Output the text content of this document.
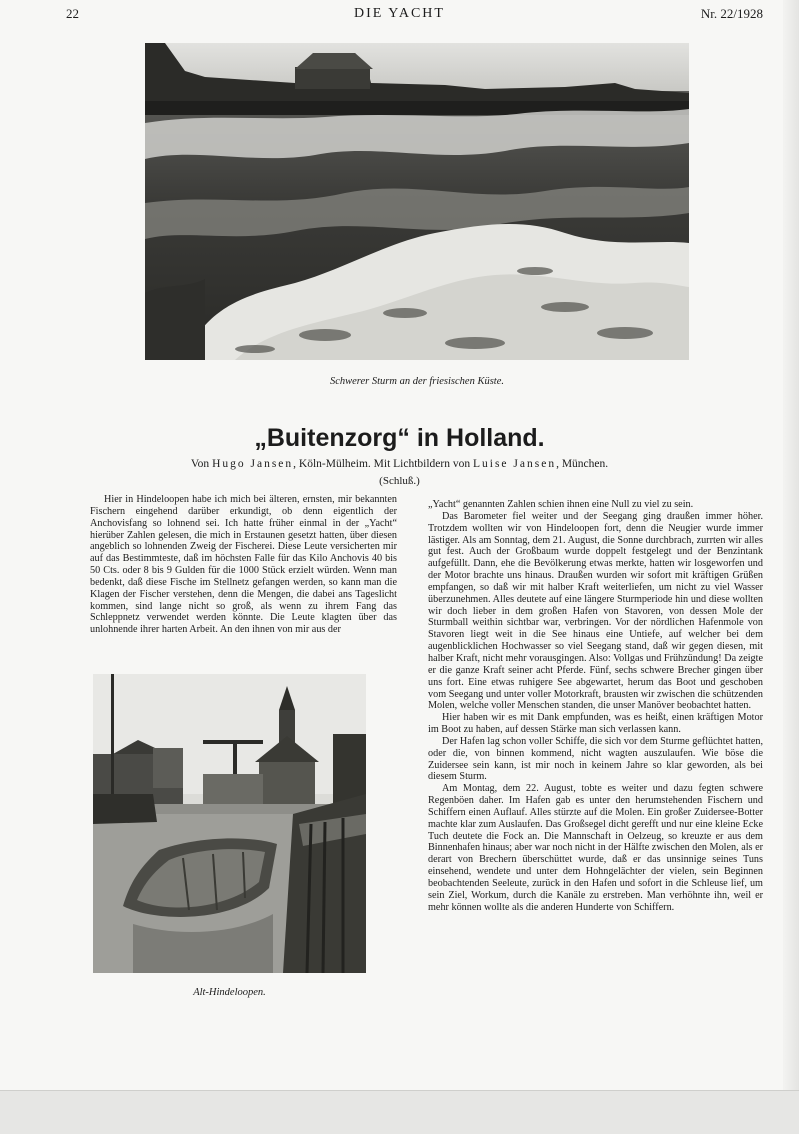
22	DIE YACHT	Nr. 22/1928
Schwerer Sturm an der friesischen Küste.
„Buitenzorg“ in Holland.
Von Hugo Jansen, Köln-Mülheim. Mit Lichtbildern von Luise Jansen, München.
(Schluß.)

Hier in Hindeloopen habe ich mich bei älteren, ernsten, mir bekannten Fischern eingehend darüber erkundigt, ob denn eigentlich der Anchovisfang so lohnend sei. Ich hatte früher einmal in der „Yacht“ hierüber Zahlen gelesen, die mich in Erstaunen gesetzt hatten, über diesen angeblich so lohnenden Zweig der Fischerei. Diese Leute versicherten mir auf das Bestimmteste, daß im höchsten Falle für das Kilo Anchovis 40 bis 50 Cts. oder 8 bis 9 Gulden für die 1000 Stück erzielt würden. Wenn man bedenkt, daß diese Fische im Stellnetz gefangen werden, so kann man die Klagen der Fischer verstehen, denn die Mengen, die dabei ans Tageslicht kommen, sind lange nicht so groß, als wenn zu ihrem Fang das Schleppnetz verwendet werden könnte. Die Leute klagten über das unlohnende ihrer harten Arbeit. An den ihnen von mir aus der

„Yacht“ genannten Zahlen schien ihnen eine Null zu viel zu sein.

Das Barometer fiel weiter und der Seegang ging draußen immer höher. Trotzdem wollten wir von Hindeloopen fort, denn die Neugier wurde immer lästiger. Als am Sonntag, dem 21. August, die Sonne durchbrach, zurrten wir alles gut fest. Auch der Großbaum wurde doppelt festgelegt und der Benzintank aufgefüllt. Dann, ehe die Bevölkerung etwas merkte, hatten wir losgeworfen und der Motor brachte uns hinaus. Draußen wurden wir sofort mit kräftigen Grüßen empfangen, so daß wir mit halber Kraft weiterliefen, um nicht zu viel Wasser überzunehmen. Alles deutete auf eine längere Sturmperiode hin und diese wollten wir doch lieber in dem großen Hafen von Stavoren, von dessen Mole der Sturmball weithin sichtbar war, verbringen. Vor der nördlichen Hafenmole von Stavoren liegt weit in die See hinaus eine Untiefe, auf welcher bei dem augenblicklichen Hochwasser so viel Seegang stand, daß wir gegen diesen, mit halber Kraft, nicht mehr vorausgingen. Also: Vollgas und Frühzündung! Da zeigte er die ganze Kraft seiner acht Pferde. Fünf, sechs schwere Brecher gingen über uns fort. Eine etwas ruhigere See abgewartet, herum das Boot und geschoben vom Seegang und unter voller Motorkraft, brausten wir zwischen die schützenden Molen, welche voller Menschen standen, die unser Manöver beobachtet hatten.

Hier haben wir es mit Dank empfunden, was es heißt, einen kräftigen Motor im Boot zu haben, auf dessen Stärke man sich verlassen kann.

Der Hafen lag schon voller Schiffe, die sich vor dem Sturme geflüchtet hatten, oder die, von binnen kommend, nicht wagten auszulaufen. Wie böse die Zuidersee sein kann, ist mir noch in keinem Jahre so klar geworden, als bei diesem Sturm.

Am Montag, dem 22. August, tobte es weiter und dazu fegten schwere Regenböen daher. Im Hafen gab es unter den herumstehenden Fischern und Schiffern einen Auflauf. Alles stürzte auf die Molen. Ein großer Zuidersee-Botter machte klar zum Auslaufen. Das Großsegel dicht gerefft und nur eine kleine Ecke Tuch deutete die Fock an. Die Mannschaft in Oelzeug, so kreuzte er aus dem Binnenhafen hinaus; aber war noch nicht in der Hälfte zwischen den Molen, als er derart von Brechern überschüttet wurde, daß er das unsinnige seines Tuns einsehend, wendete und unter dem Hohngelächter der vielen, sein Beginnen beobachtenden Seeleute, zurück in den Hafen und sofort in die Schleuse lief, um sein Ziel, Workum, durch die Kanäle zu erstreben. Man verhöhnte ihn, weil er mehr können wollte als die anderen Hunderte von Schiffern.

Alt-Hindeloopen.
